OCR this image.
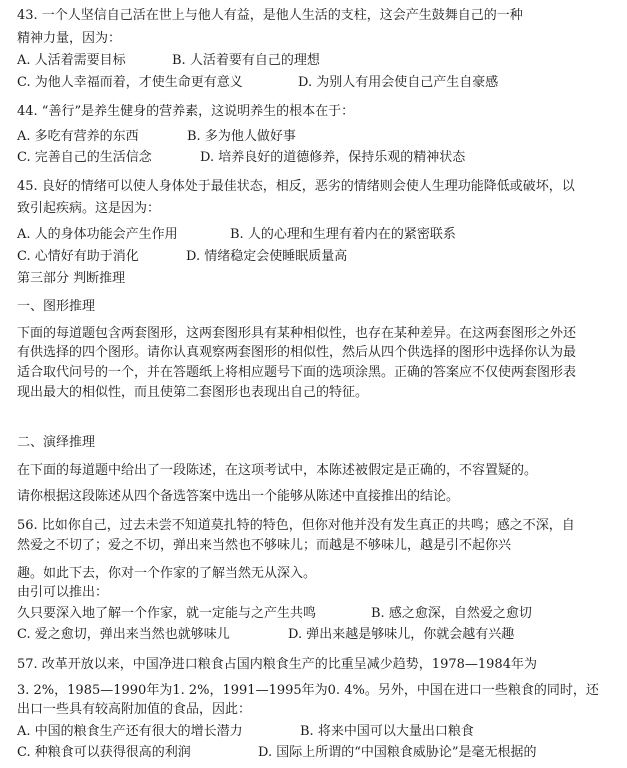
43. 一个人坚信自己活在世上与他人有益，是他人生活的支柱，这会产生鼓舞自己的一种
精神力量，因为：
A. 人活着需要目标	B. 人活着要有自己的理想
C. 为他人幸福而着，才使生命更有意义	D. 为别人有用会使自己产生自豪感
44. “善行”是养生健身的营养素，这说明养生的根本在于：
A. 多吃有营养的东西	B. 多为他人做好事
C. 完善自己的生活信念	D. 培养良好的道德修养，保持乐观的精神状态
45. 良好的情绪可以使人身体处于最佳状态，相反，恶劣的情绪则会使人生理功能降低或破坏，以
致引起疾病。这是因为：
A. 人的身体功能会产生作用	B. 人的心理和生理有着内在的紧密联系
C. 心情好有助于消化	D. 情绪稳定会使睡眠质量高
第三部分 判断推理
一、图形推理
下面的每道题包含两套图形，这两套图形具有某种相似性，也存在某种差异。在这两套图形之外还
有供选择的四个图形。请你认真观察两套图形的相似性，然后从四个供选择的图形中选择你认为最
适合取代问号的一个，并在答题纸上将相应题号下面的选项涂黑。正确的答案应不仅使两套图形表
现出最大的相似性，而且使第二套图形也表现出自己的特征。
二、演绎推理
在下面的每道题中给出了一段陈述，在这项考试中，本陈述被假定是正确的，不容置疑的。
请你根据这段陈述从四个备选答案中选出一个能够从陈述中直接推出的结论。
56. 比如你自己，过去未尝不知道莫扎特的特色，但你对他并没有发生真正的共鸣；感之不深，自
然爱之不切了；爱之不切，弹出来当然也不够味儿；而越是不够味儿，越是引不起你兴
趣。如此下去，你对一个作家的了解当然无从深入。
由引可以推出：
久只要深入地了解一个作家，就一定能与之产生共鸣	B. 感之愈深，自然爱之愈切
C. 爱之愈切，弹出来当然也就够味儿	D. 弹出来越是够味儿，你就会越有兴趣
57. 改革开放以来，中国净进口粮食占国内粮食生产的比重呈减少趋势，1978—1984年为
3. 2%，1985—1990年为1. 2%，1991—1995年为0. 4%。另外，中国在进口一些粮食的同时，还
出口一些具有较高附加值的食品，因此：
A. 中国的粮食生产还有很大的增长潜力	B. 将来中国可以大量出口粮食
C. 种粮食可以获得很高的利润	D. 国际上所谓的“中国粮食威胁论”是毫无根据的
